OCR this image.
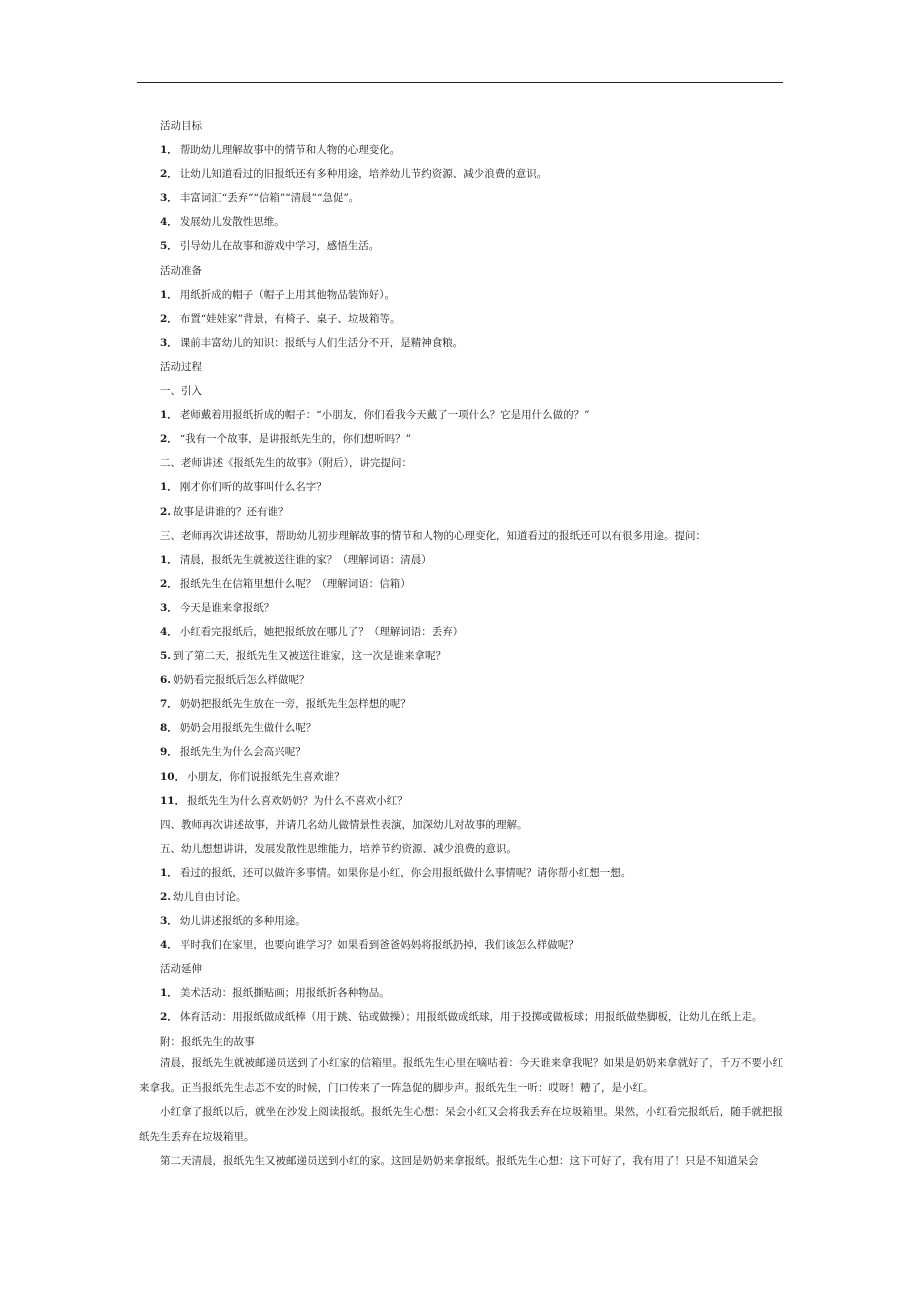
活动目标
1． 帮助幼儿理解故事中的情节和人物的心理变化。
2． 让幼儿知道看过的旧报纸还有多种用途，培养幼儿节约资源、减少浪费的意识。
3． 丰富词汇“丢弃”“信箱”“清晨”“急促”。
4． 发展幼儿发散性思维。
5． 引导幼儿在故事和游戏中学习，感悟生活。
活动准备
1． 用纸折成的帽子（帽子上用其他物品装饰好）。
2． 布置“娃娃家”背景，有椅子、桌子、垃圾箱等。
3． 课前丰富幼儿的知识：报纸与人们生活分不开，是精神食粮。
活动过程
一、引入
1． 老师戴着用报纸折成的帽子：“小朋友，你们看我今天戴了一项什么？它是用什么做的？”
2． “我有一个故事，是讲报纸先生的，你们想听吗？”
二、老师讲述《报纸先生的故事》（附后），讲完提问：
1． 刚才你们听的故事叫什么名字？
2. 故事是讲谁的？还有谁？
三、老师再次讲述故事，帮助幼儿初步理解故事的情节和人物的心理变化，知道看过的报纸还可以有很多用途。提问：
1． 清晨，报纸先生就被送往谁的家？（理解词语：清晨）
2． 报纸先生在信箱里想什么呢？（理解词语：信箱）
3． 今天是谁来拿报纸？
4． 小红看完报纸后，她把报纸放在哪儿了？（理解词语：丢弃）
5. 到了第二天，报纸先生又被送往谁家，这一次是谁来拿呢？
6. 奶奶看完报纸后怎么样做呢？
7． 奶奶把报纸先生放在一旁，报纸先生怎样想的呢？
8． 奶奶会用报纸先生做什么呢？
9． 报纸先生为什么会高兴呢？
10． 小朋友，你们说报纸先生喜欢谁？
11． 报纸先生为什么喜欢奶奶？为什么不喜欢小红？
四、教师再次讲述故事，并请几名幼儿做情景性表演，加深幼儿对故事的理解。
五、幼儿想想讲讲，发展发散性思维能力，培养节约资源、减少浪费的意识。
1． 看过的报纸，还可以做许多事情。如果你是小红，你会用报纸做什么事情呢？请你帮小红想一想。
2. 幼儿自由讨论。
3． 幼儿讲述报纸的多种用途。
4． 平时我们在家里，也要向谁学习？如果看到爸爸妈妈将报纸扔掉，我们该怎么样做呢？
活动延伸
1． 美术活动：报纸撕贴画；用报纸折各种物品。
2． 体育活动：用报纸做成纸棒（用于跳、钻或做操）；用报纸做成纸球，用于投掷或做板球；用报纸做垫脚板，让幼儿在纸上走。
附：报纸先生的故事

清晨，报纸先生就被邮递员送到了小红家的信箱里。报纸先生心里在嘀咕着：今天谁来拿我呢？如果是奶奶来拿就好了，千万不要小红来拿我。正当报纸先生忐忑不安的时候，门口传来了一阵急促的脚步声。报纸先生一听：哎呀！糟了，是小红。

小红拿了报纸以后，就坐在沙发上阅读报纸。报纸先生心想：呆会小红又会将我丢弃在垃圾箱里。果然，小红看完报纸后，随手就把报纸先生丢弃在垃圾箱里。

第二天清晨，报纸先生又被邮递员送到小红的家。这回是奶奶来拿报纸。报纸先生心想：这下可好了，我有用了！只是不知道呆会
